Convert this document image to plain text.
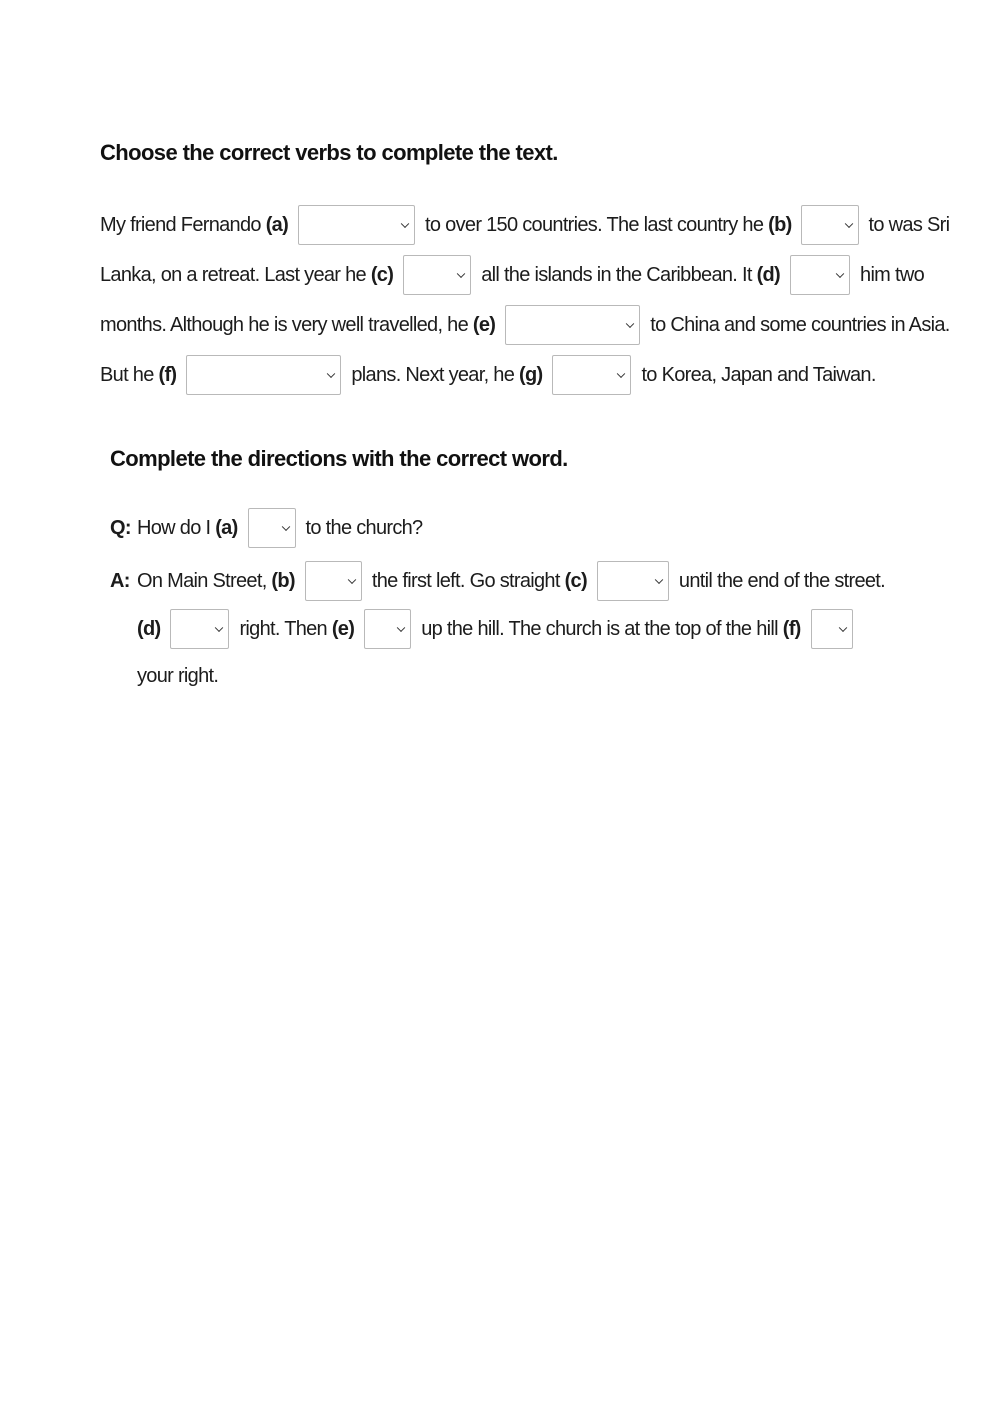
Choose the correct verbs to complete the text.
My friend Fernando (a)	to over 150 countries. The last country he (b)	to was Sri
Lanka, on a retreat. Last year he (c)	all the islands in the Caribbean. It (d)	him two
months. Although he is very well travelled, he (e)	to China and some countries in Asia.
But he (f)	plans. Next year, he (g)	to Korea, Japan and Taiwan.
Complete the directions with the correct word.
Q: How do I (a)	to the church?
A: On Main Street, (b)	the first left. Go straight (c)	until the end of the street.
(d)	right. Then (e)	up the hill. The church is at the top of the hill (f)
your right.
